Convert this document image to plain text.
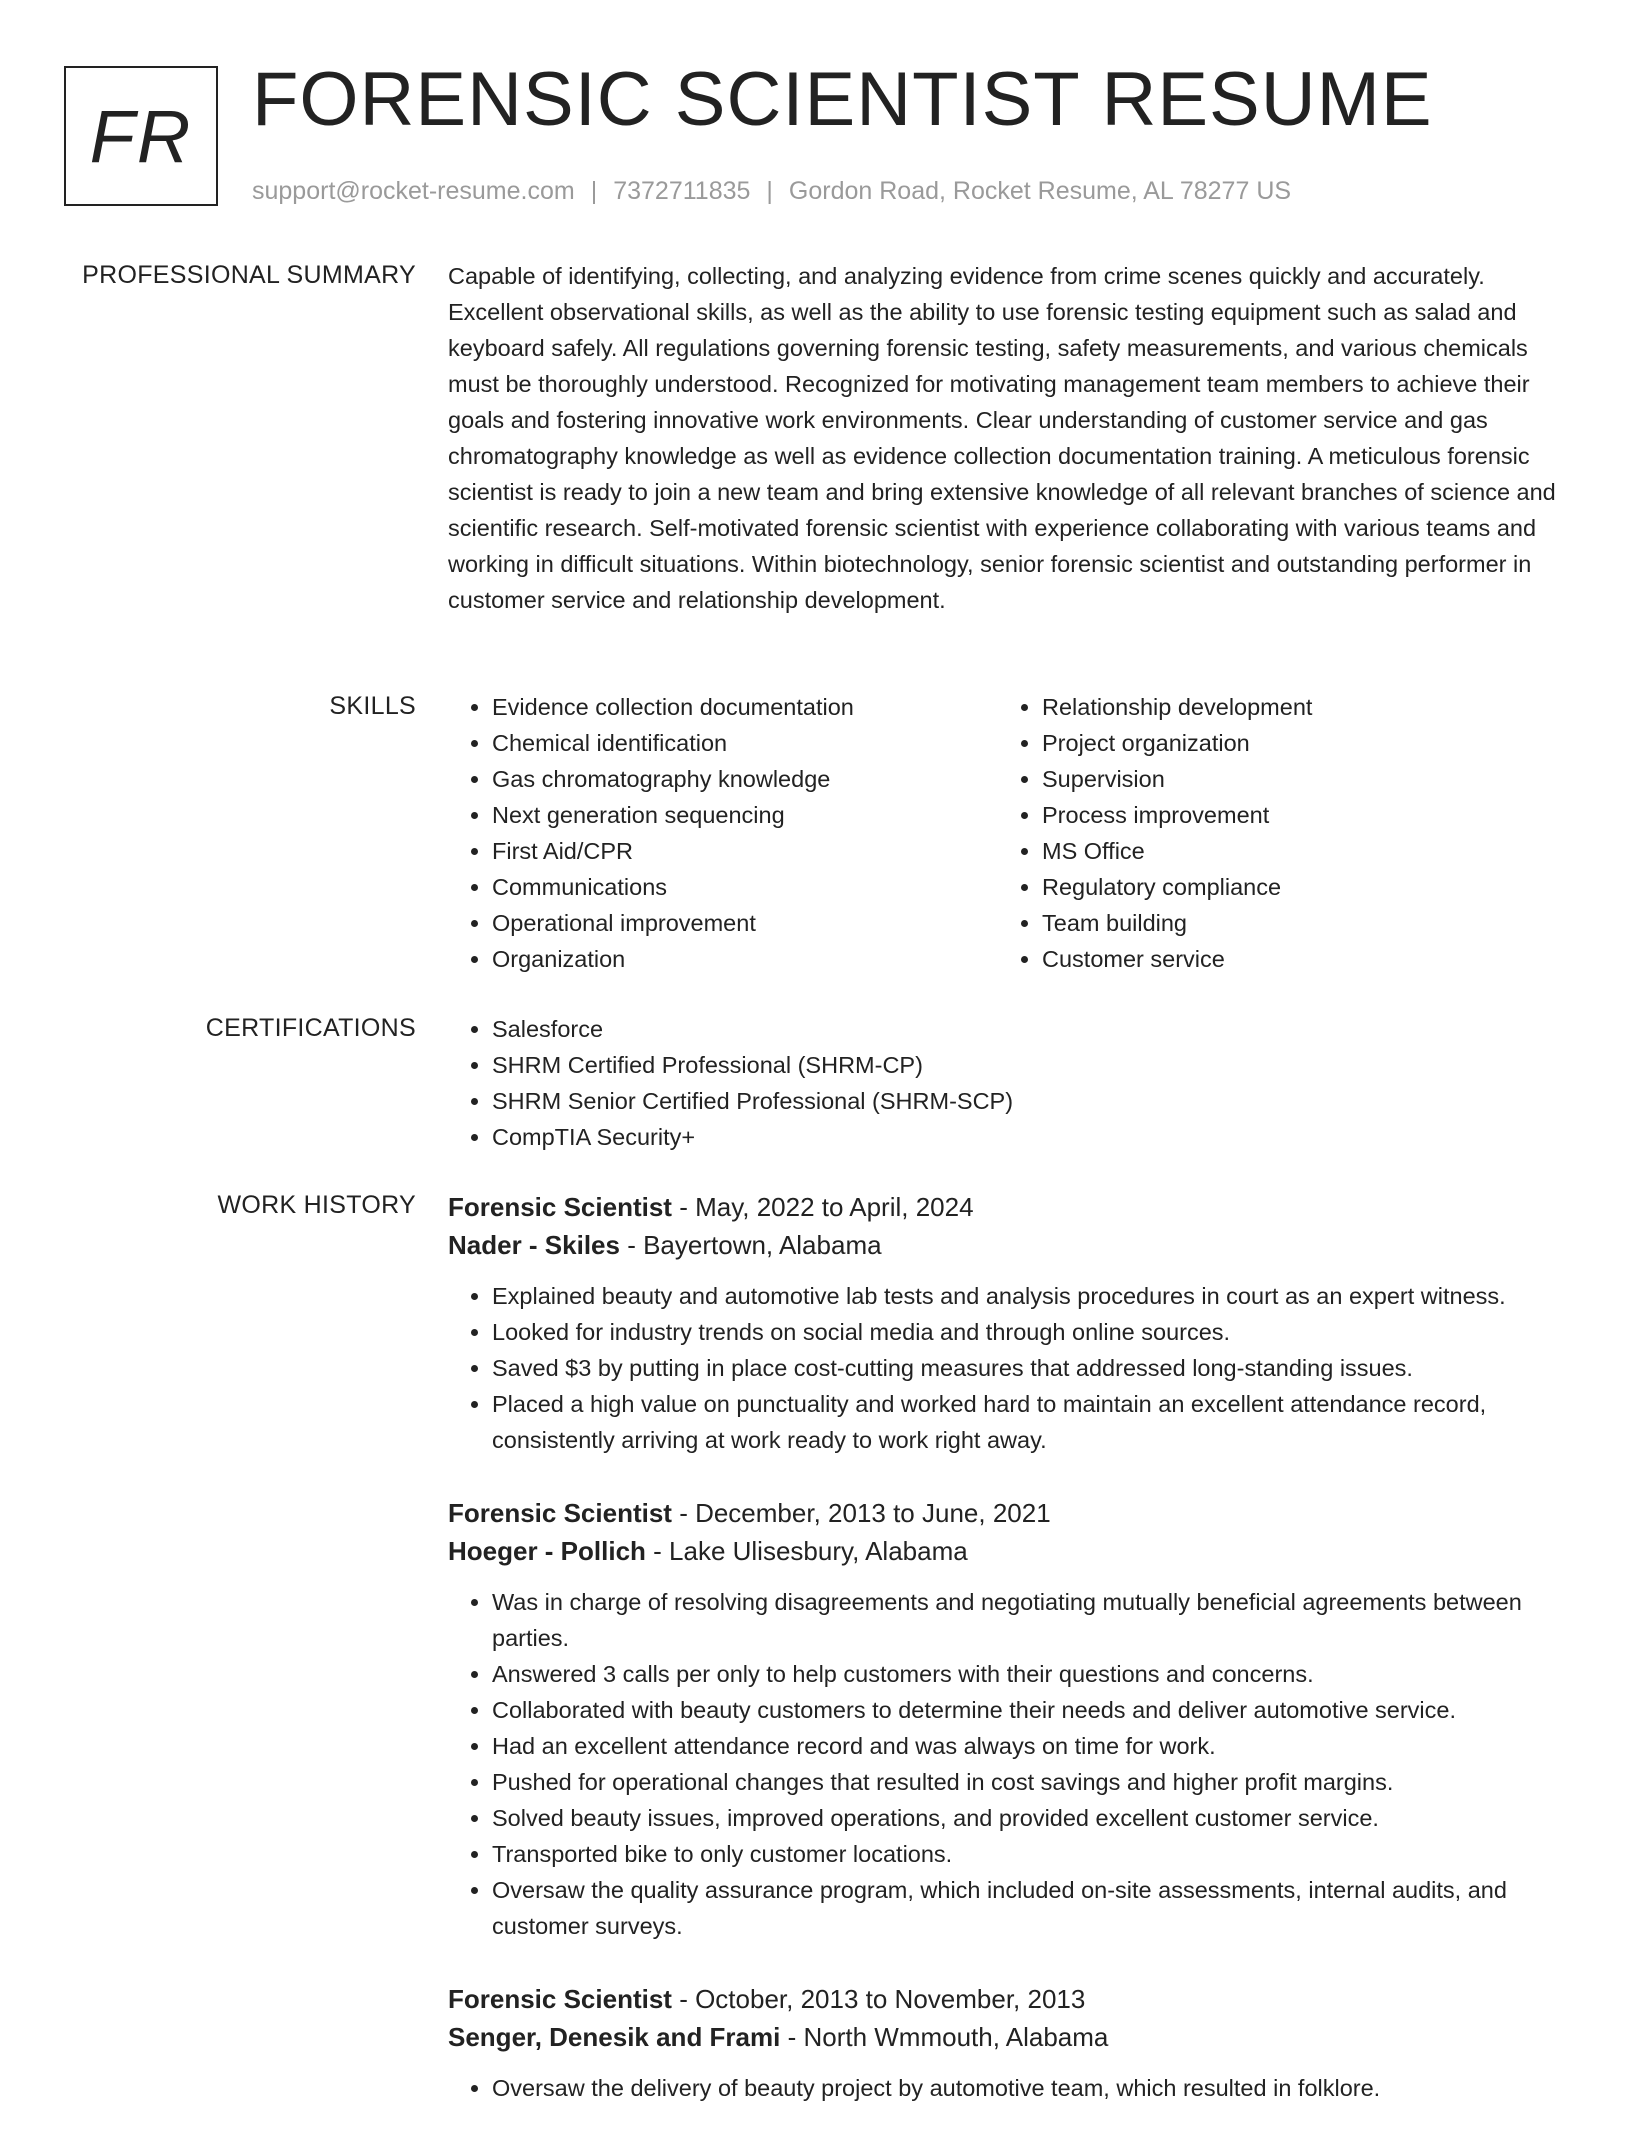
FR FORENSIC SCIENTIST RESUME
support@rocket-resume.com | 7372711835 | Gordon Road, Rocket Resume, AL 78277 US
PROFESSIONAL SUMMARY Capable of identifying, collecting, and analyzing evidence from crime scenes quickly and accurately. Excellent observational skills, as well as the ability to use forensic testing equipment such as salad and keyboard safely. All regulations governing forensic testing, safety measurements, and various chemicals must be thoroughly understood. Recognized for motivating management team members to achieve their goals and fostering innovative work environments. Clear understanding of customer service and gas chromatography knowledge as well as evidence collection documentation training. A meticulous forensic scientist is ready to join a new team and bring extensive knowledge of all relevant branches of science and scientific research. Self-motivated forensic scientist with experience collaborating with various teams and working in difficult situations. Within biotechnology, senior forensic scientist and outstanding performer in customer service and relationship development.

SKILLS	• Evidence collection documentation
• Chemical identification
• Gas chromatography knowledge
• Next generation sequencing
• First Aid/CPR
• Communications
• Operational improvement
• Organization
• Relationship development
• Project organization
• Supervision
• Process improvement
• MS Office
• Regulatory compliance
• Team building
• Customer service
CERTIFICATIONS	• Salesforce
• SHRM Certified Professional (SHRM-CP)
• SHRM Senior Certified Professional (SHRM-SCP)
• CompTIA Security+
WORK HISTORY Forensic Scientist - May, 2022 to April, 2024
Nader - Skiles - Bayertown, Alabama
• Explained beauty and automotive lab tests and analysis procedures in court as an expert witness.
• Looked for industry trends on social media and through online sources.
• Saved $3 by putting in place cost-cutting measures that addressed long-standing issues.
• Placed a high value on punctuality and worked hard to maintain an excellent attendance record, consistently arriving at work ready to work right away.
Forensic Scientist - December, 2013 to June, 2021
Hoeger - Pollich - Lake Ulisesbury, Alabama
• Was in charge of resolving disagreements and negotiating mutually beneficial agreements between parties.
• Answered 3 calls per only to help customers with their questions and concerns.
• Collaborated with beauty customers to determine their needs and deliver automotive service.
• Had an excellent attendance record and was always on time for work.
• Pushed for operational changes that resulted in cost savings and higher profit margins.
• Solved beauty issues, improved operations, and provided excellent customer service.
• Transported bike to only customer locations.
• Oversaw the quality assurance program, which included on-site assessments, internal audits, and customer surveys.
Forensic Scientist - October, 2013 to November, 2013
Senger, Denesik and Frami - North Wmmouth, Alabama
• Oversaw the delivery of beauty project by automotive team, which resulted in folklore.
